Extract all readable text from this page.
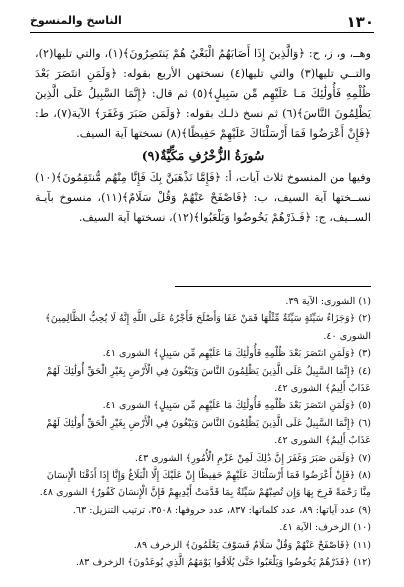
١٣٠
الناسخ والمنسوخ

وهــ، و، ز، ح: ﴿وَالَّذِينَ إِذَا أَصَابَهُمُ الْبَغْيُ هُمْ يَنتَصِرُونَ﴾(١)، والتي تليها(٢)، والتــي تليها(٣) والتي تليها(٤) نسختهن الأربع بقوله: ﴿وَلَمَنِ انتَصَرَ بَعْدَ ظُلْمِهِ فَأُولَٰئِكَ مَـا عَلَيْهِم مِّن سَبِيلٍ﴾(٥) ثم قال: ﴿إِنَّمَا السَّبِيلُ عَلَى الَّذِينَ يَظْلِمُونَ النَّاسَ﴾(٦) ثم نسخ ذلـك بقوله: ﴿وَلَمَن صَبَرَ وَغَفَرَ﴾ الآية(٧)، ط: ﴿فَإِنْ أَعْرَضُوا فَمَا أَرْسَلْنَاكَ عَلَيْهِمْ حَفِيظًا﴾(٨) نسختها آية السيف.

سُورَةُ الزُّخْرُفِ مَكِّيَّةٌ(٩)

وفيها من المنسوخ ثلاث آيات، أ: ﴿فَإِمَّا نَذْهَبَنَّ بِكَ فَإِنَّا مِنْهُم مُّنتَقِمُونَ﴾(١٠) نســختها آية السيف، ب: ﴿فَاصْفَحْ عَنْهُمْ وَقُلْ سَلَامٌ﴾(١١)، منسوخ بآيـة الســيف، ج: ﴿فَـذَرْهُمْ يَخُوضُوا وَيَلْعَبُوا﴾(١٢)، نسختها آية السيف.

(١) الشورى: الآية ٣٩.

(٢) ﴿وَجَزَاءُ سَيِّئَةٍ سَيِّئَةٌ مِّثْلُهَا فَمَنْ عَفَا وَأَصْلَحَ فَأَجْرُهُ عَلَى اللَّهِ إِنَّهُ لَا يُحِبُّ الظَّالِمِينَ﴾ الشورى ٤٠.

(٣) ﴿وَلَمَنِ انتَصَرَ بَعْدَ ظُلْمِهِ فَأُولَٰئِكَ مَا عَلَيْهِم مِّن سَبِيلٍ﴾ الشورى ٤١.

(٤) ﴿إِنَّمَا السَّبِيلُ عَلَى الَّذِينَ يَظْلِمُونَ النَّاسَ وَيَبْغُونَ فِي الْأَرْضِ بِغَيْرِ الْحَقِّ أُولَٰئِكَ لَهُمْ عَذَابٌ أَلِيمٌ﴾ الشورى ٤٢.

(٥) ﴿وَلَمَنِ انتَصَرَ بَعْدَ ظُلْمِهِ فَأُولَٰئِكَ مَا عَلَيْهِم مِّن سَبِيلٍ﴾ الشورى ٤١.

(٦) ﴿إِنَّمَا السَّبِيلُ عَلَى الَّذِينَ يَظْلِمُونَ النَّاسَ وَيَبْغُونَ فِي الْأَرْضِ بِغَيْرِ الْحَقِّ أُولَٰئِكَ لَهُمْ عَذَابٌ أَلِيمٌ﴾ الشورى ٤٢.

(٧) ﴿وَلَمَن صَبَرَ وَغَفَرَ إِنَّ ذَٰلِكَ لَمِنْ عَزْمِ الْأُمُورِ﴾ الشورى ٤٣.

(٨) ﴿فَإِنْ أَعْرَضُوا فَمَا أَرْسَلْنَاكَ عَلَيْهِمْ حَفِيظًا إِنْ عَلَيْكَ إِلَّا الْبَلَاغُ وَإِنَّا إِذَا أَذَقْنَا الْإِنسَانَ مِنَّا رَحْمَةً فَرِحَ بِهَا وَإِن تُصِبْهُمْ سَيِّئَةٌ بِمَا قَدَّمَتْ أَيْدِيهِمْ فَإِنَّ الْإِنسَانَ كَفُورٌ﴾ الشورى ٤٨.

(٩) عدد آياتها: ٨٩، عدد كلماتها: ٨٣٧، عدد حروفها: ٣٥٠٨، ترتيب التنزيل: ٦٣.

(١٠) الزخرف: الآية ٤١.

(١١) ﴿فَاصْفَحْ عَنْهُمْ وَقُلْ سَلَامٌ فَسَوْفَ يَعْلَمُونَ﴾ الزخرف ٨٩.

(١٢) ﴿فَذَرْهُمْ يَخُوضُوا وَيَلْعَبُوا حَتَّىٰ يُلَاقُوا يَوْمَهُمُ الَّذِي يُوعَدُونَ﴾ الزخرف ٨٣.
